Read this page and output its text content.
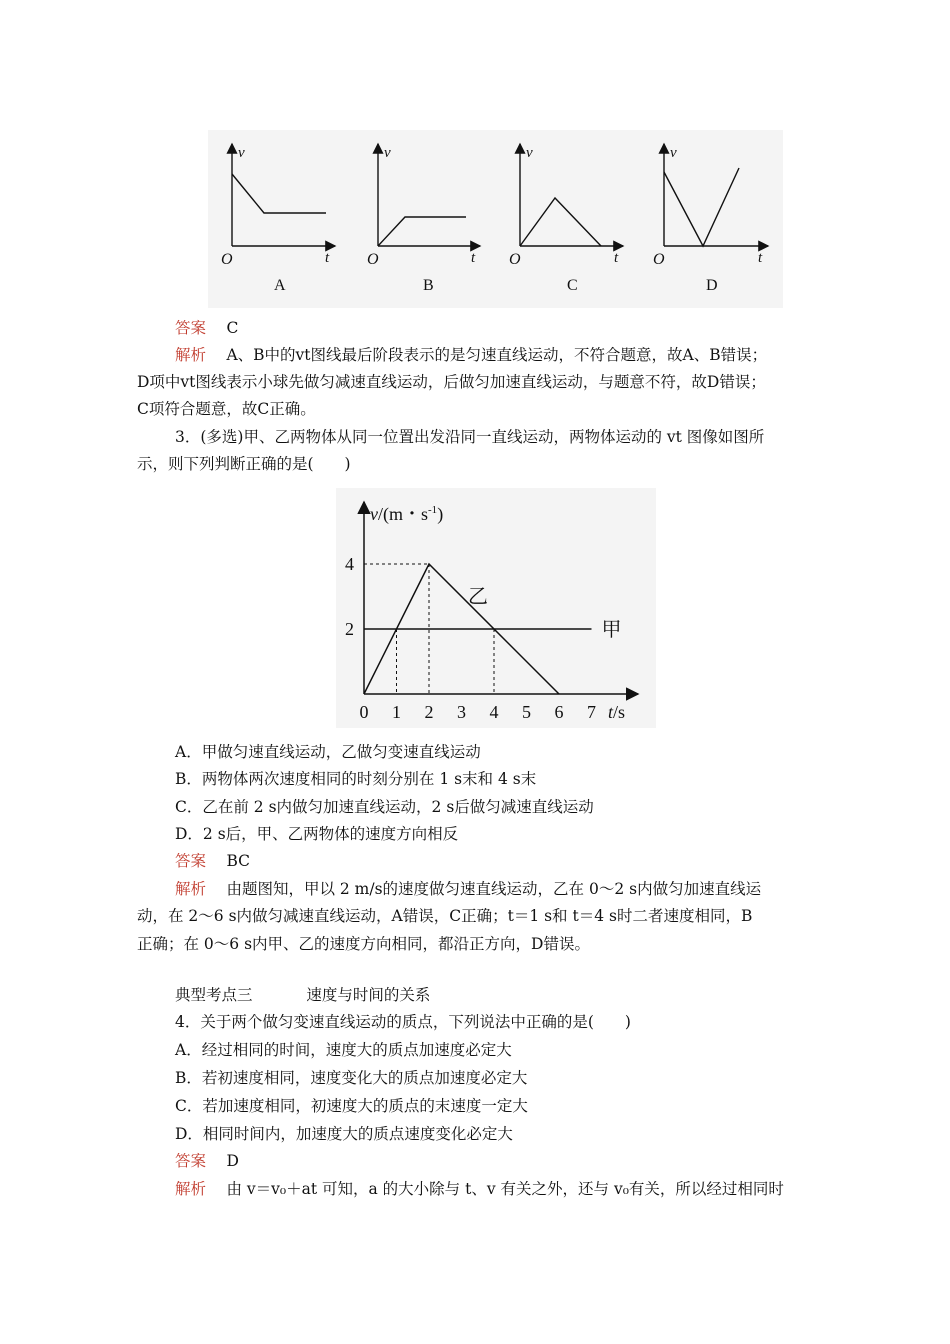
v
O	t
A
v
O	t
B
v
O	t
C
v
O	t
D
答案　 C
解析　 A、B中的vt图线最后阶段表示的是匀速直线运动，不符合题意，故A、B错误；
D项中vt图线表示小球先做匀减速直线运动，后做匀加速直线运动，与题意不符，故D错误；
C项符合题意，故C正确。
3．(多选)甲、乙两物体从同一位置出发沿同一直线运动，两物体运动的 vt 图像如图所
示，则下列判断正确的是(　　)
甲
乙
0 1 2 3 4 5 6 7
2
4
v/(m・$s^{-1}$)
t/s
A．甲做匀速直线运动，乙做匀变速直线运动
B．两物体两次速度相同的时刻分别在 1 s末和 4 s末
C．乙在前 2 s内做匀加速直线运动，2 s后做匀减速直线运动
D．2 s后，甲、乙两物体的速度方向相反
答案　 BC
解析　 由题图知，甲以 2 m/s的速度做匀速直线运动，乙在 0～2 s内做匀加速直线运
动，在 2～6 s内做匀减速直线运动，A错误，C正确；t＝1 s和 t＝4 s时二者速度相同，B
正确；在 0～6 s内甲、乙的速度方向相同，都沿正方向，D错误。
典型考点三	速度与时间的关系
4．关于两个做匀变速直线运动的质点，下列说法中正确的是(　　)
A．经过相同的时间，速度大的质点加速度必定大
B．若初速度相同，速度变化大的质点加速度必定大
C．若加速度相同，初速度大的质点的末速度一定大
D．相同时间内，加速度大的质点速度变化必定大
答案　 D
解析　 由 v＝v₀＋at 可知，a 的大小除与 t、v 有关之外，还与 v₀有关，所以经过相同时
